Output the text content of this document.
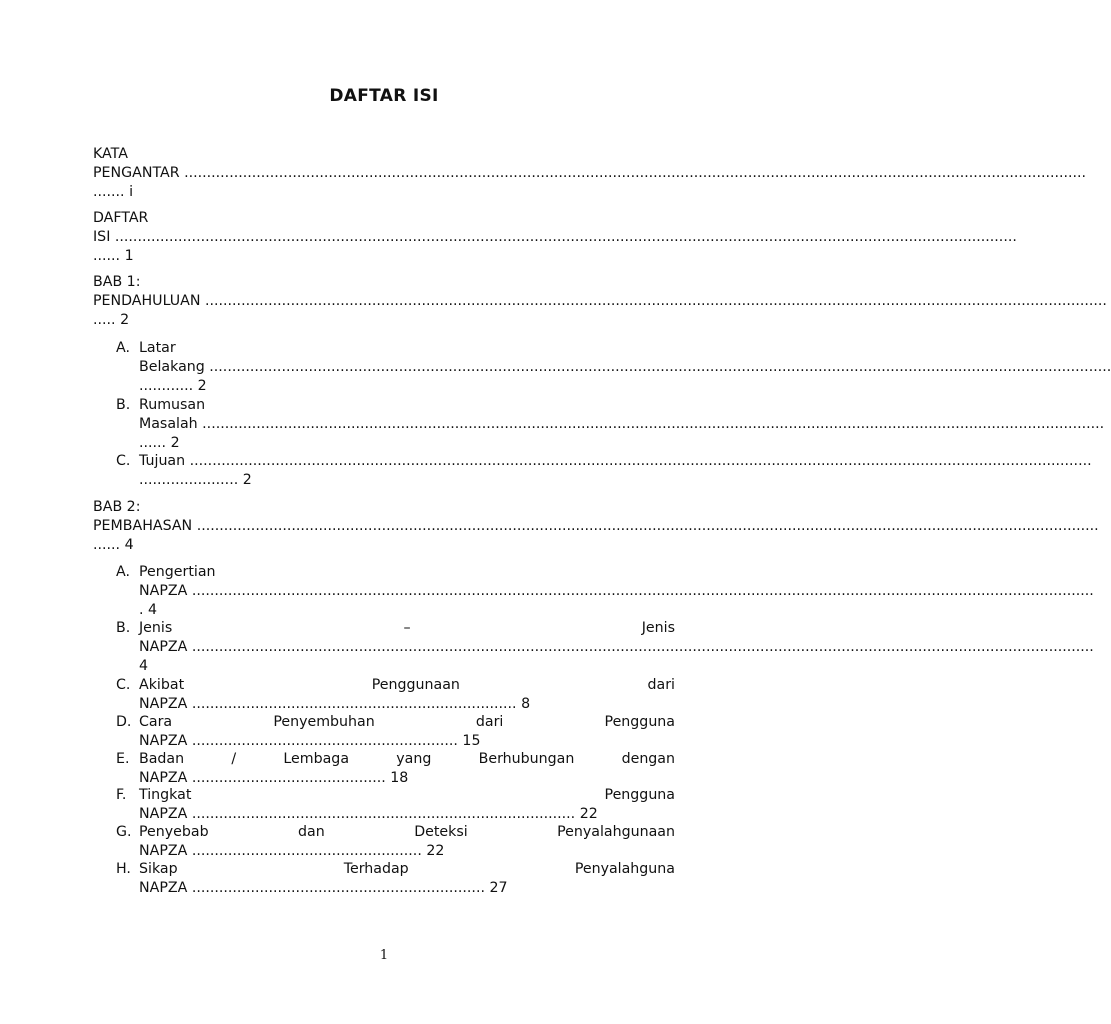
DAFTAR ISI
KATA
PENGANTAR ........................................................................................................................................................................................................
....... i
DAFTAR
ISI ........................................................................................................................................................................................................
...... 1
BAB 1:
PENDAHULUAN ........................................................................................................................................................................................................
..... 2
A. Latar
Belakang ........................................................................................................................................................................................................
............ 2
B. Rumusan
Masalah ........................................................................................................................................................................................................
...... 2
C. Tujuan ........................................................................................................................................................................................................
...................... 2
BAB 2:
PEMBAHASAN ........................................................................................................................................................................................................
...... 4
A. Pengertian
NAPZA ........................................................................................................................................................................................................
. 4
B. Jenis	–	Jenis
NAPZA ........................................................................................................................................................................................................
4
C. Akibat	Penggunaan	dari
NAPZA ........................................................................ 8
D. Cara	Penyembuhan	dari	Pengguna
NAPZA ........................................................... 15
E. Badan	/	Lembaga	yang	Berhubungan	dengan
NAPZA ........................................... 18
F. Tingkat	Pengguna
NAPZA ..................................................................................... 22
G. Penyebab	dan	Deteksi	Penyalahgunaan
NAPZA ................................................... 22
H. Sikap	Terhadap	Penyalahguna
NAPZA ................................................................. 27
1
